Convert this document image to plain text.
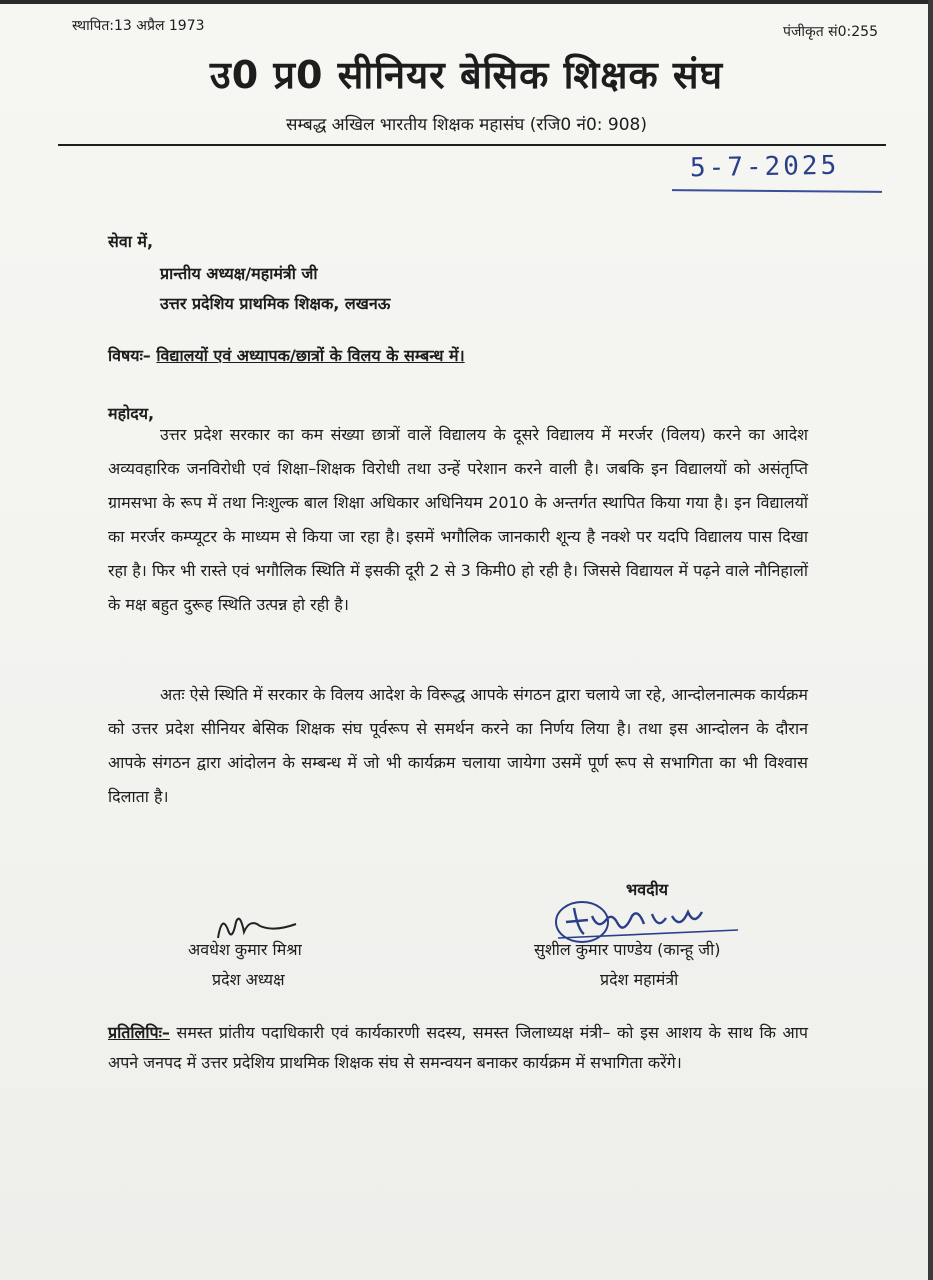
स्थापित:13 अप्रैल 1973	पंजीकृत सं0:255
उ0 प्र0 सीनियर बेसिक शिक्षक संघ
सम्बद्ध अखिल भारतीय शिक्षक महासंघ (रजि0 नं0: 908)
5-7-2025
सेवा में,
प्रान्तीय अध्यक्ष/महामंत्री जी
उत्तर प्रदेशिय प्राथमिक शिक्षक, लखनऊ
विषयः– विद्यालयों एवं अध्यापक/छात्रों के विलय के सम्बन्ध में।
महोदय,

उत्तर प्रदेश सरकार का कम संख्या छात्रों वालें विद्यालय के दूसरे विद्यालय में मरर्जर (विलय) करने का आदेश अव्यवहारिक जनविरोधी एवं शिक्षा–शिक्षक विरोधी तथा उन्हें परेशान करने वाली है। जबकि इन विद्यालयों को असंतृप्ति ग्रामसभा के रूप में तथा निःशुल्क बाल शिक्षा अधिकार अधिनियम 2010 के अन्तर्गत स्थापित किया गया है। इन विद्यालयों का मरर्जर कम्प्यूटर के माध्यम से किया जा रहा है। इसमें भगौलिक जानकारी शून्य है नक्शे पर यदपि विद्यालय पास दिखा रहा है। फिर भी रास्ते एवं भगौलिक स्थिति में इसकी दूरी 2 से 3 किमी0 हो रही है। जिससे विद्यायल में पढ़ने वाले नौनिहालों के मक्ष बहुत दुरूह स्थिति उत्पन्न हो रही है।

अतः ऐसे स्थिति में सरकार के विलय आदेश के विरूद्ध आपके संगठन द्वारा चलाये जा रहे, आन्दोलनात्मक कार्यक्रम को उत्तर प्रदेश सीनियर बेसिक शिक्षक संघ पूर्वरूप से समर्थन करने का निर्णय लिया है। तथा इस आन्दोलन के दौरान आपके संगठन द्वारा आंदोलन के सम्बन्ध में जो भी कार्यक्रम चलाया जायेगा उसमें पूर्ण रूप से सभागिता का भी विश्वास दिलाता है।

भवदीय
अवधेश कुमार मिश्रा
प्रदेश अध्यक्ष
सुशील कुमार पाण्डेय (कान्हू जी)
प्रदेश महामंत्री

प्रतिलिपिः– समस्त प्रांतीय पदाधिकारी एवं कार्यकारणी सदस्य, समस्त जिलाध्यक्ष मंत्री– को इस आशय के साथ कि आप अपने जनपद में उत्तर प्रदेशिय प्राथमिक शिक्षक संघ से समन्वयन बनाकर कार्यक्रम में सभागिता करेंगे।
